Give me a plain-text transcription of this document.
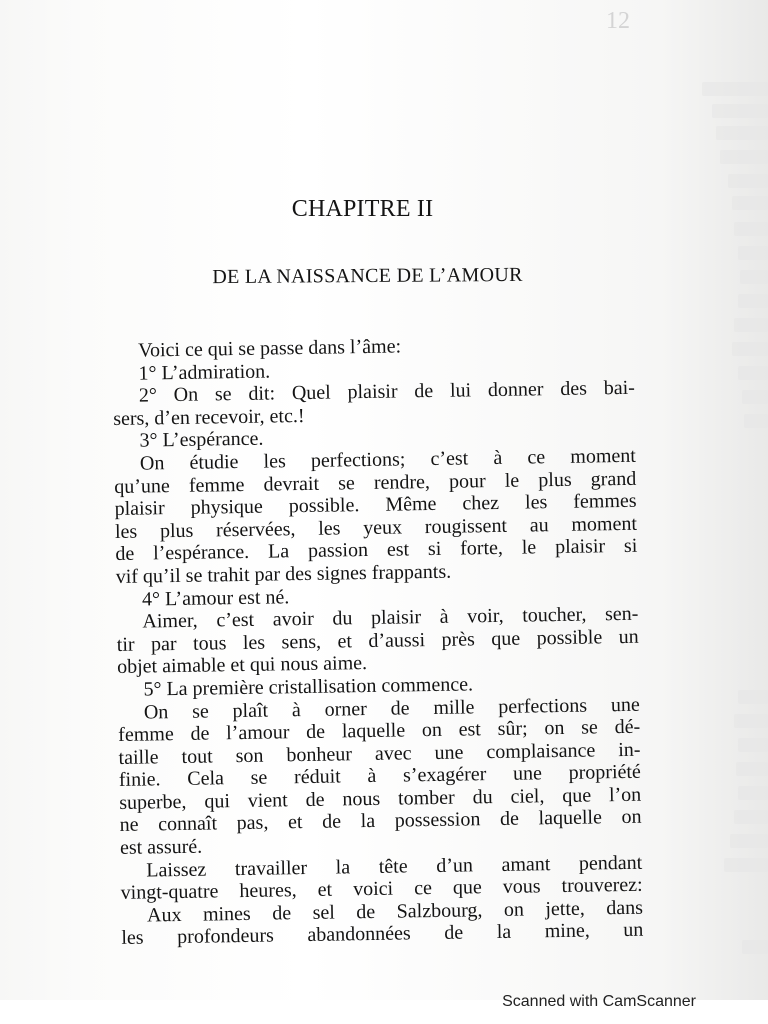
12
CHAPITRE II
DE LA NAISSANCE DE L’AMOUR
Voici ce qui se passe dans l’âme:
1° L’admiration.
2° On se dit: Quel plaisir de lui donner des bai-
sers, d’en recevoir, etc.!
3° L’espérance.
On étudie les perfections; c’est à ce moment
qu’une femme devrait se rendre, pour le plus grand
plaisir physique possible. Même chez les femmes
les plus réservées, les yeux rougissent au moment
de l’espérance. La passion est si forte, le plaisir si
vif qu’il se trahit par des signes frappants.
4° L’amour est né.
Aimer, c’est avoir du plaisir à voir, toucher, sen-
tir par tous les sens, et d’aussi près que possible un
objet aimable et qui nous aime.
5° La première cristallisation commence.
On se plaît à orner de mille perfections une
femme de l’amour de laquelle on est sûr; on se dé-
taille tout son bonheur avec une complaisance in-
finie. Cela se réduit à s’exagérer une propriété
superbe, qui vient de nous tomber du ciel, que l’on
ne connaît pas, et de la possession de laquelle on
est assuré.
Laissez travailler la tête d’un amant pendant
vingt-quatre heures, et voici ce que vous trouverez:
Aux mines de sel de Salzbourg, on jette, dans
les profondeurs abandonnées de la mine, un
Scanned with CamScanner
